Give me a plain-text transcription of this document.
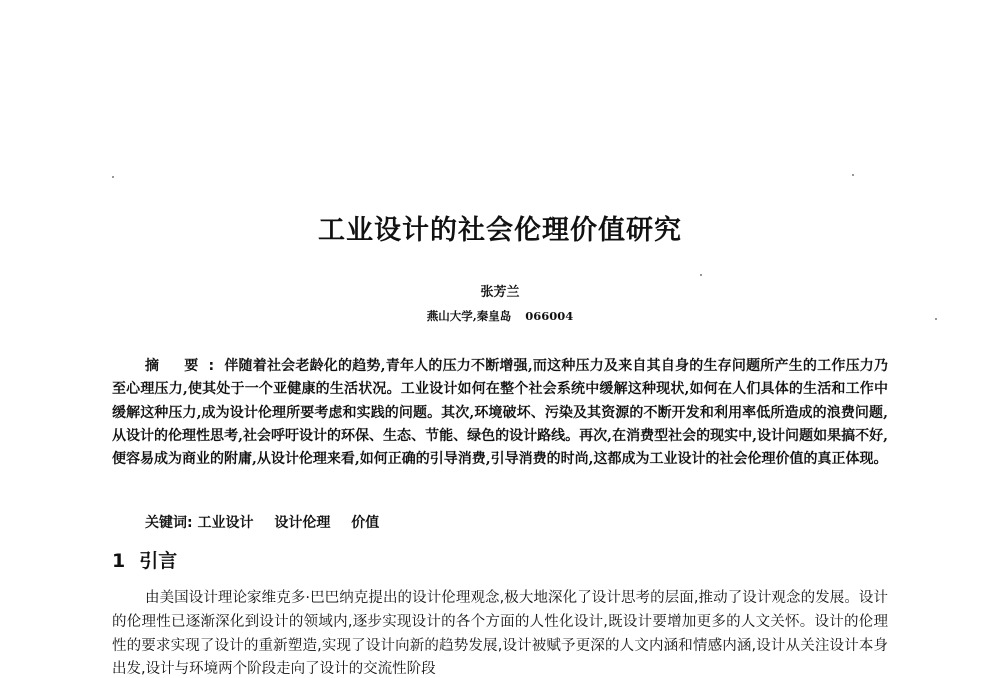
工业设计的社会伦理价值研究
张芳兰
燕山大学,秦皇岛 066004

摘 要:伴随着社会老龄化的趋势,青年人的压力不断增强,而这种压力及来自其自身的生存问题所产生的工作压力乃至心理压力,使其处于一个亚健康的生活状况。工业设计如何在整个社会系统中缓解这种现状,如何在人们具体的生活和工作中缓解这种压力,成为设计伦理所要考虑和实践的问题。其次,环境破坏、污染及其资源的不断开发和利用率低所造成的浪费问题,从设计的伦理性思考,社会呼吁设计的环保、生态、节能、绿色的设计路线。再次,在消费型社会的现实中,设计问题如果搞不好,便容易成为商业的附庸,从设计伦理来看,如何正确的引导消费,引导消费的时尚,这都成为工业设计的社会伦理价值的真正体现。

关键词: 工业设计 设计伦理 价值
1 引言

由美国设计理论家维克多·巴巴纳克提出的设计伦理观念,极大地深化了设计思考的层面,推动了设计观念的发展。设计的伦理性已逐渐深化到设计的领域内,逐步实现设计的各个方面的人性化设计,既设计要增加更多的人文关怀。设计的伦理性的要求实现了设计的重新塑造,实现了设计向新的趋势发展,设计被赋予更深的人文内涵和情感内涵,设计从关注设计本身出发,设计与环境两个阶段走向了设计的交流性阶段
